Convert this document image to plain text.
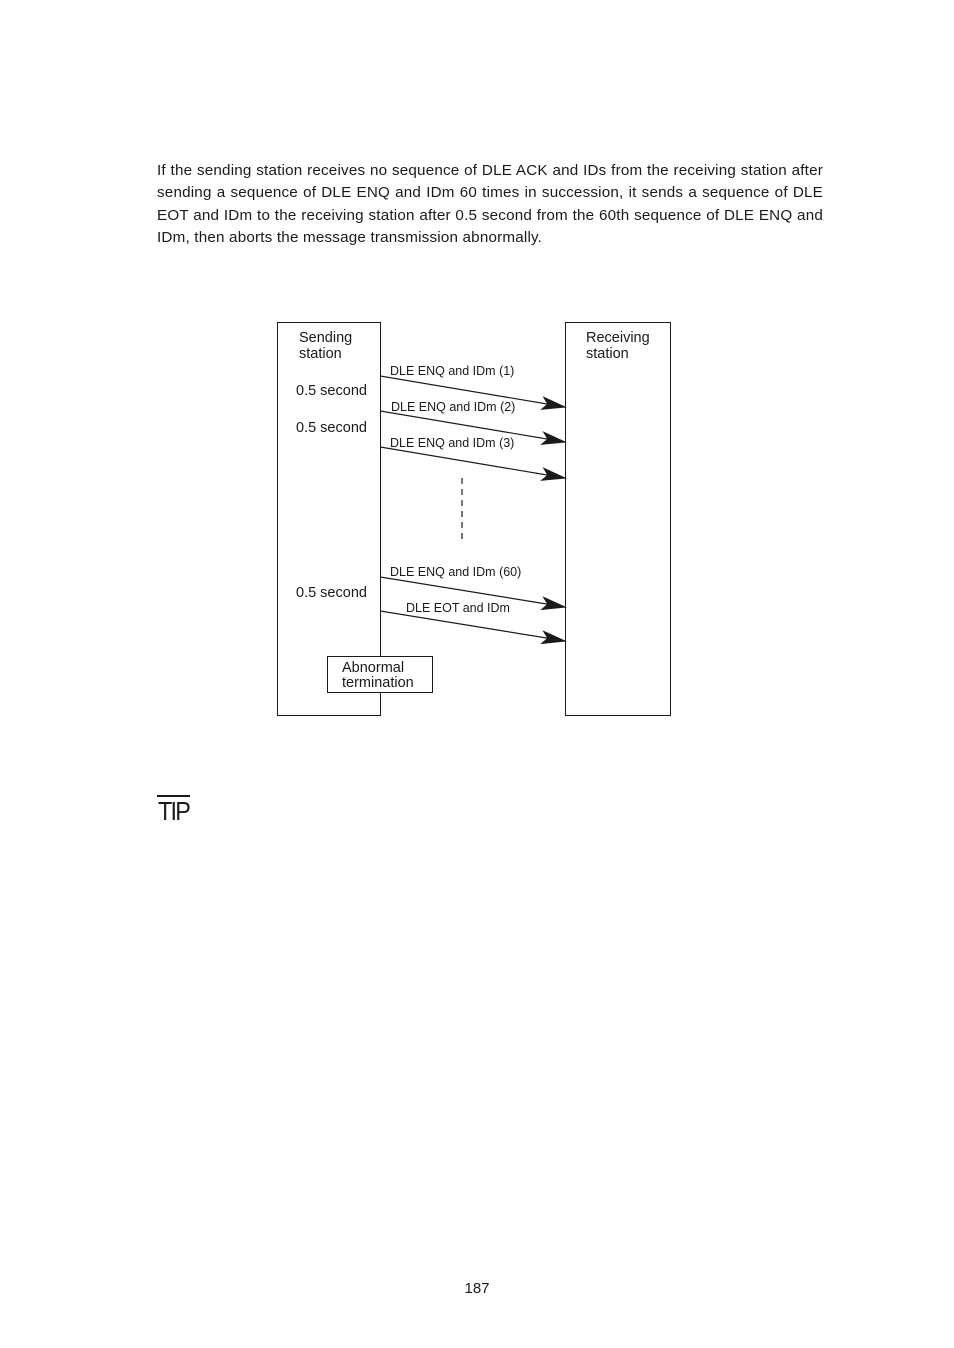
If the sending station receives no sequence of DLE ACK and IDs from the receiving station after sending a sequence of DLE ENQ and IDm 60 times in succession, it sends a sequence of DLE EOT and IDm to the receiving station after 0.5 second from the 60th sequence of DLE ENQ and IDm, then aborts the message transmission abnormally.
Sending
station
Receiving
station
0.5 second
0.5 second
0.5 second
DLE ENQ and IDm (1)
DLE ENQ and IDm (2)
DLE ENQ and IDm (3)
DLE ENQ and IDm (60)
DLE EOT and IDm
Abnormal
termination
TIP
187
